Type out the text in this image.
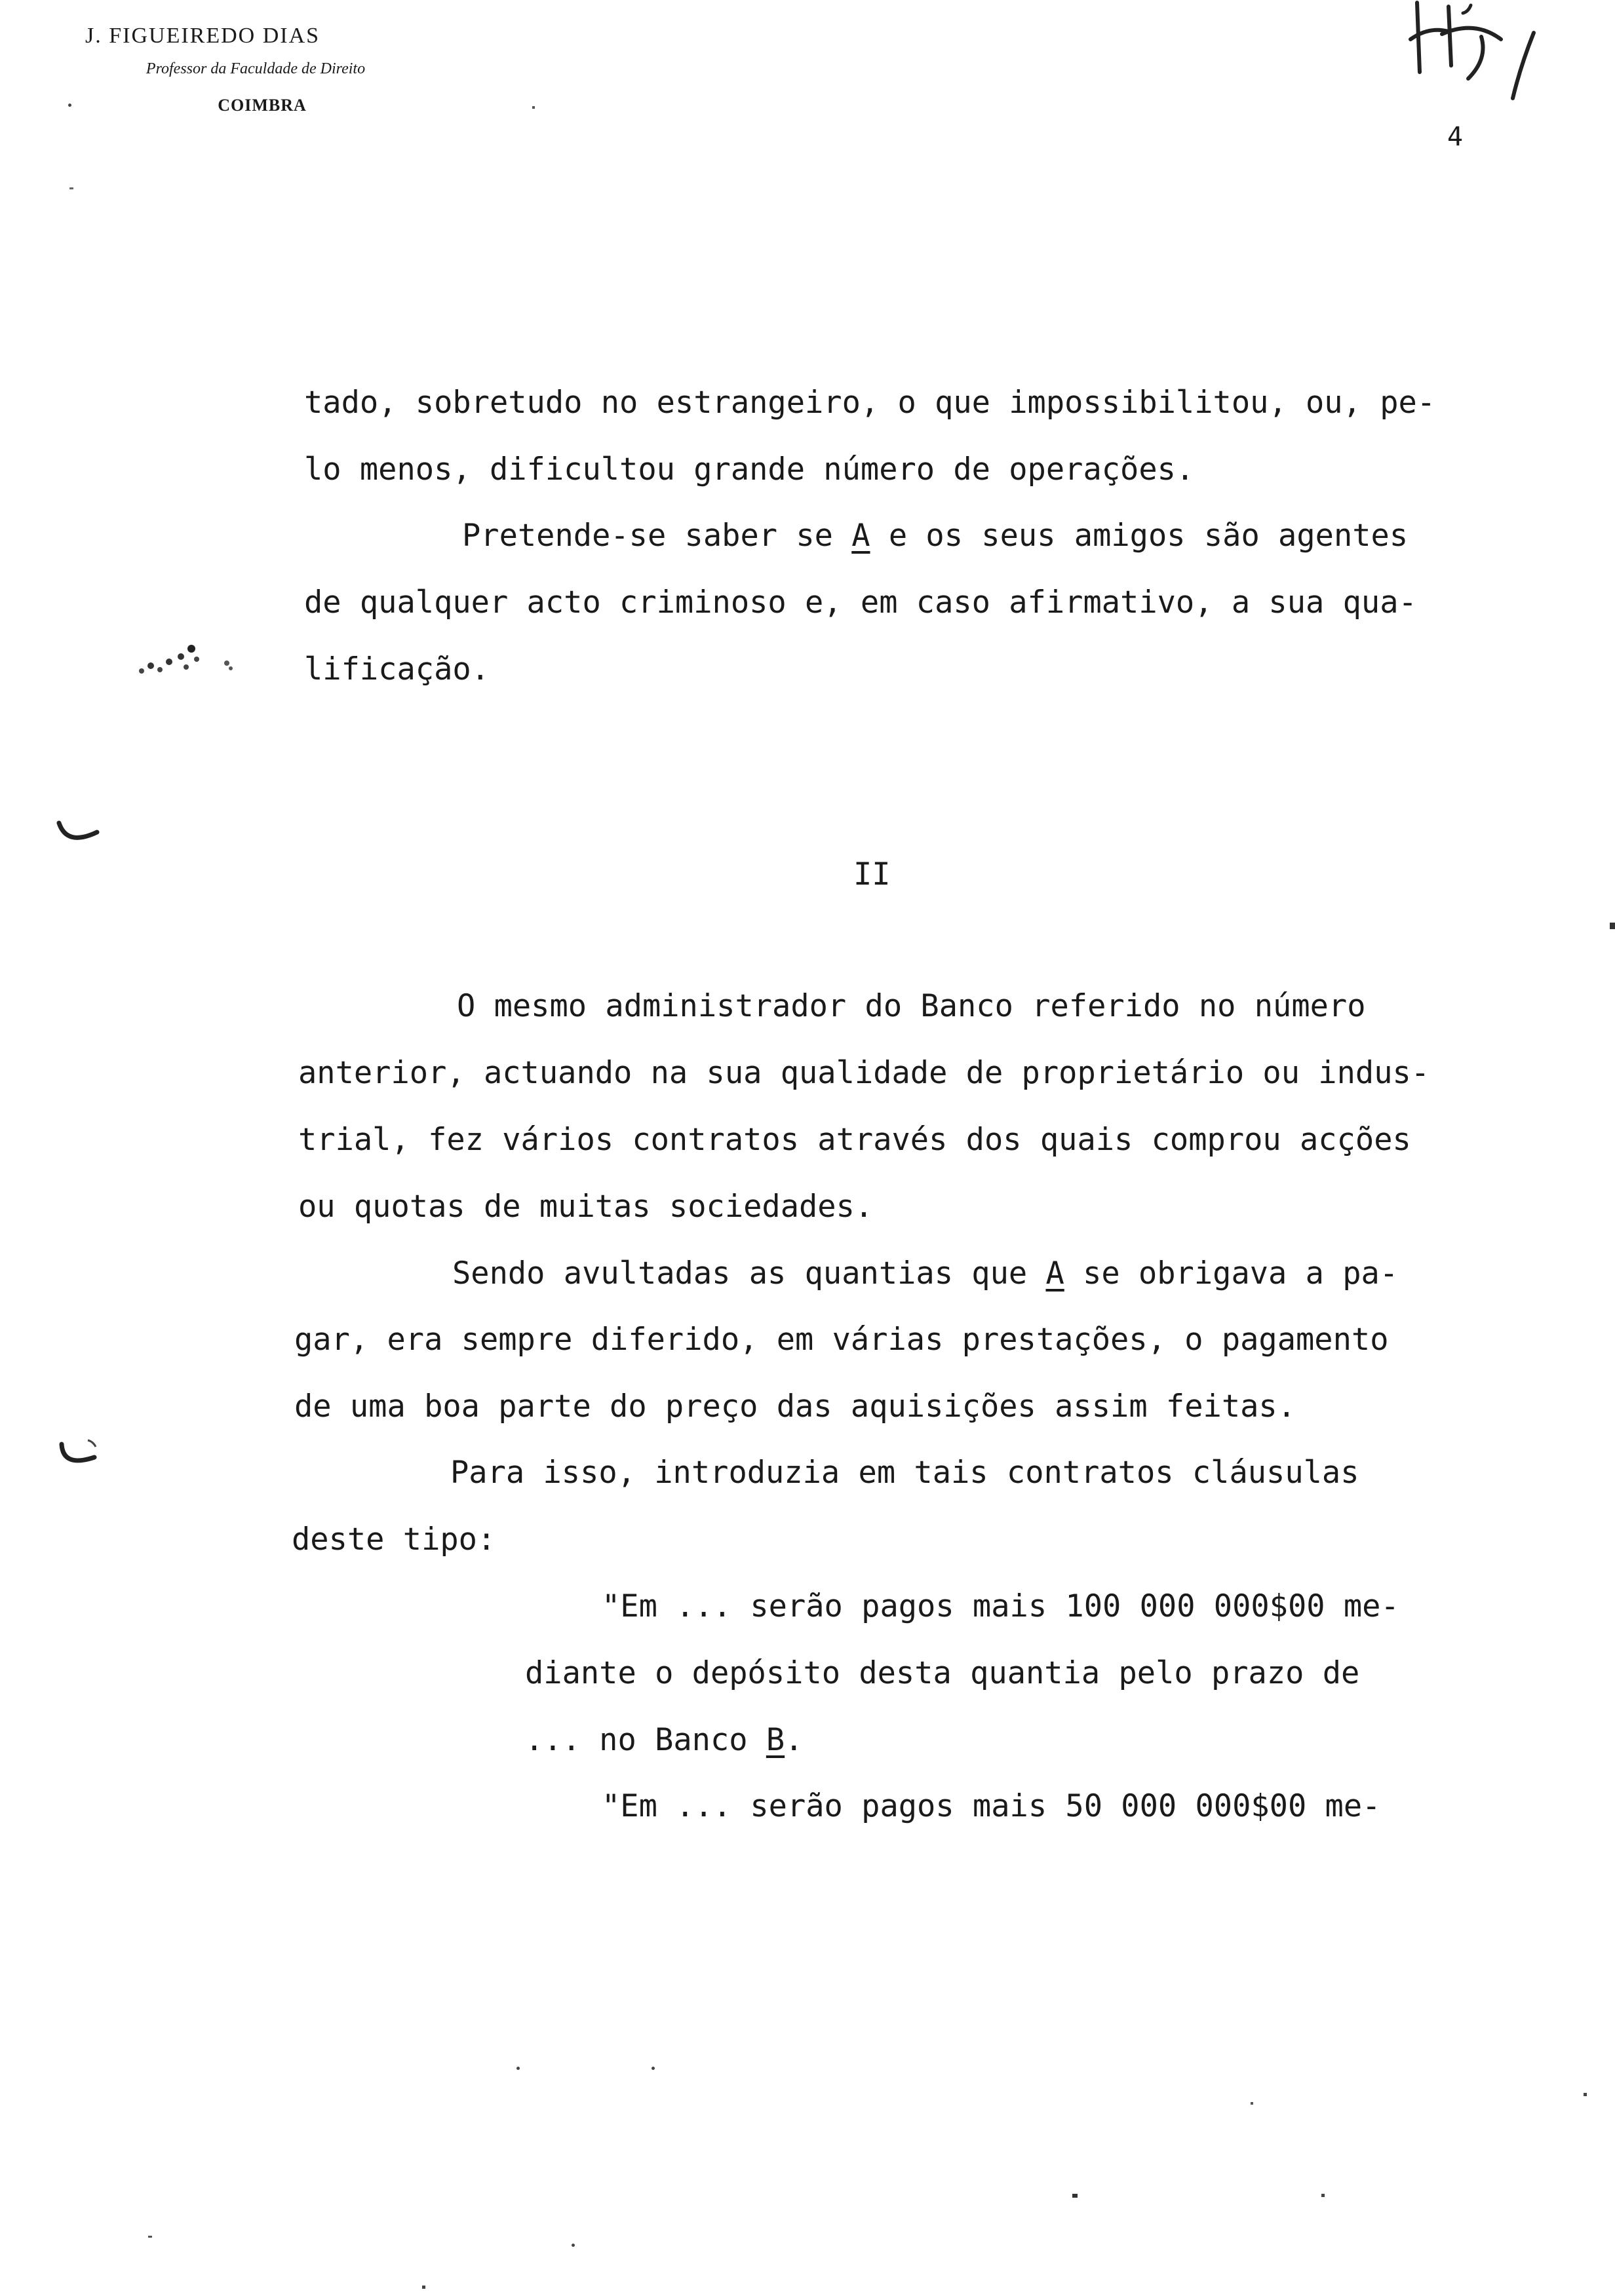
J. FIGUEIREDO DIAS
Professor da Faculdade de Direito
COIMBRA
4
tado, sobretudo no estrangeiro, o que impossibilitou, ou, pe-
lo menos, dificultou grande número de operações.
Pretende-se saber se A e os seus amigos são agentes
de qualquer acto criminoso e, em caso afirmativo, a sua qua-
lificação.
II
O mesmo administrador do Banco referido no número
anterior, actuando na sua qualidade de proprietário ou indus-
trial, fez vários contratos através dos quais comprou acções
ou quotas de muitas sociedades.
Sendo avultadas as quantias que A se obrigava a pa-
gar, era sempre diferido, em várias prestações, o pagamento
de uma boa parte do preço das aquisições assim feitas.
Para isso, introduzia em tais contratos cláusulas
deste tipo:
"Em ... serão pagos mais 100 000 000$00 me-
diante o depósito desta quantia pelo prazo de
... no Banco B.
"Em ... serão pagos mais 50 000 000$00 me-
